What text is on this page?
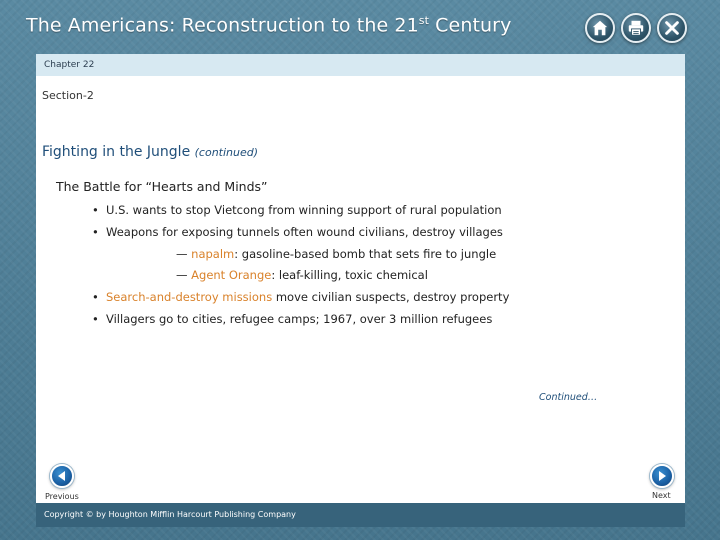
The Americans: Reconstruction to the 21st Century
Chapter 22
Section-2
Fighting in the Jungle (continued)
The Battle for “Hearts and Minds”
• U.S. wants to stop Vietcong from winning support of rural population
• Weapons for exposing tunnels often wound civilians, destroy villages
— napalm: gasoline-based bomb that sets fire to jungle
— Agent Orange: leaf-killing, toxic chemical
• Search-and-destroy missions move civilian suspects, destroy property
• Villagers go to cities, refugee camps; 1967, over 3 million refugees
Continued…
Previous	Next
Copyright © by Houghton Mifflin Harcourt Publishing Company
